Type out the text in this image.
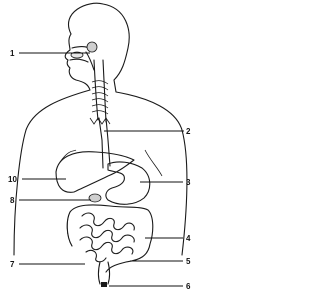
1
2
3
4
5
6
7
8
10
